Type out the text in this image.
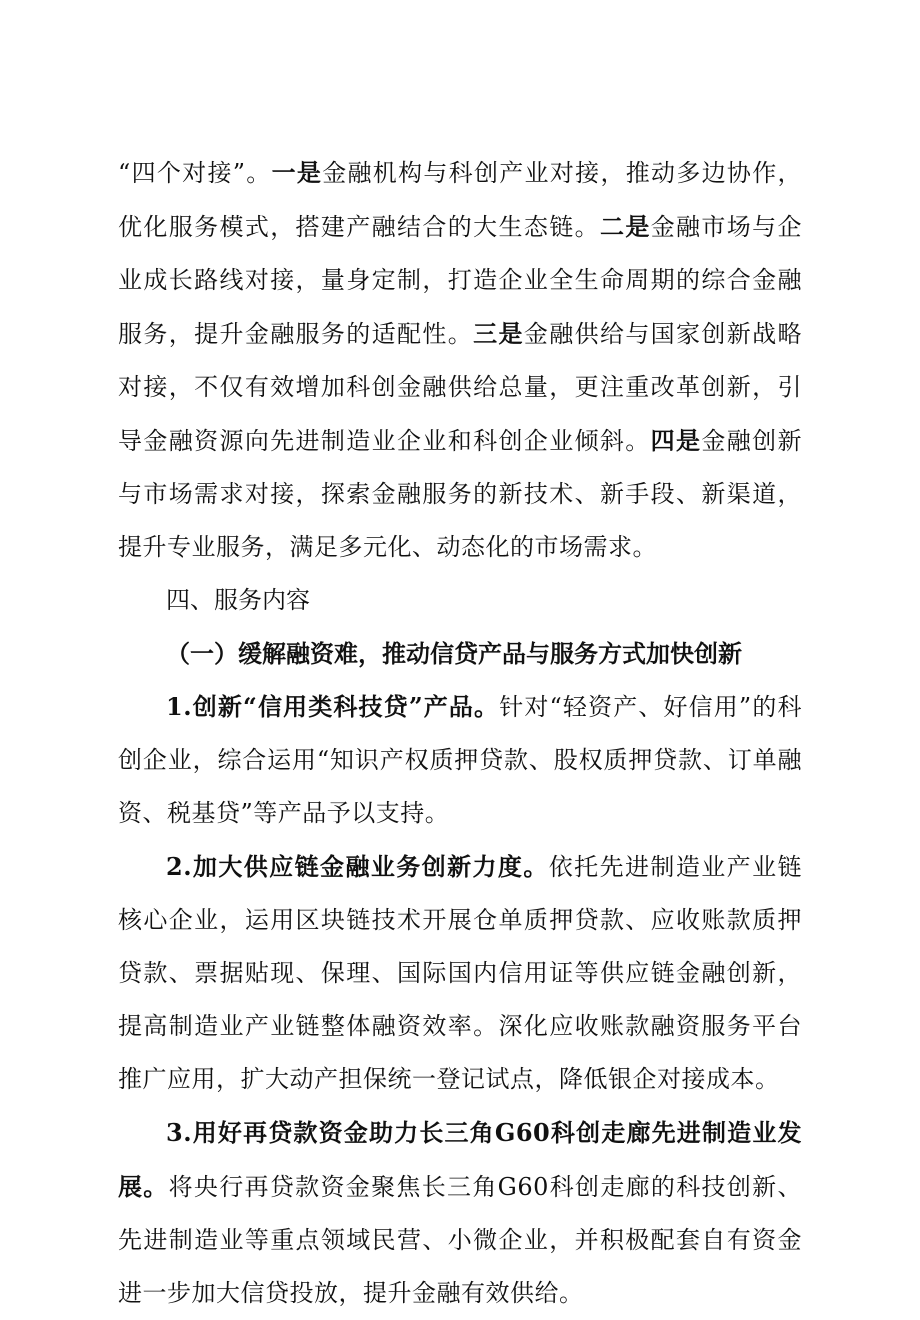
“四个对接”。一是金融机构与科创产业对接，推动多边协作，优化服务模式，搭建产融结合的大生态链。二是金融市场与企业成长路线对接，量身定制，打造企业全生命周期的综合金融服务，提升金融服务的适配性。三是金融供给与国家创新战略对接，不仅有效增加科创金融供给总量，更注重改革创新，引导金融资源向先进制造业企业和科创企业倾斜。四是金融创新与市场需求对接，探索金融服务的新技术、新手段、新渠道，提升专业服务，满足多元化、动态化的市场需求。

四、服务内容

（一）缓解融资难，推动信贷产品与服务方式加快创新

1.创新“信用类科技贷”产品。针对“轻资产、好信用”的科创企业，综合运用“知识产权质押贷款、股权质押贷款、订单融资、税基贷”等产品予以支持。

2.加大供应链金融业务创新力度。依托先进制造业产业链核心企业，运用区块链技术开展仓单质押贷款、应收账款质押贷款、票据贴现、保理、国际国内信用证等供应链金融创新，提高制造业产业链整体融资效率。深化应收账款融资服务平台推广应用，扩大动产担保统一登记试点，降低银企对接成本。

3.用好再贷款资金助力长三角G60科创走廊先进制造业发展。将央行再贷款资金聚焦长三角G60科创走廊的科技创新、先进制造业等重点领域民营、小微企业，并积极配套自有资金进一步加大信贷投放，提升金融有效供给。
